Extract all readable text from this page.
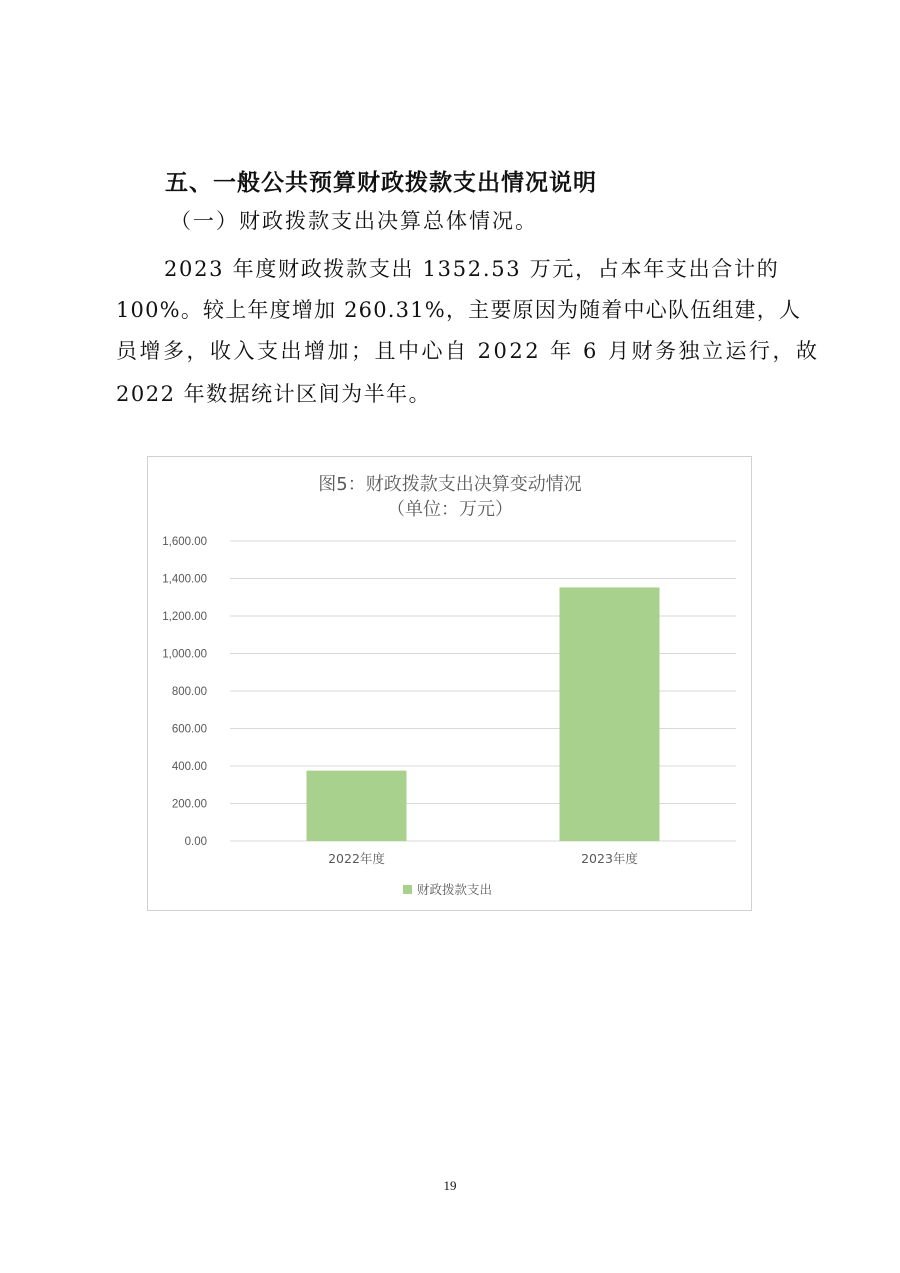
五、一般公共预算财政拨款支出情况说明
（一）财政拨款支出决算总体情况。
2023 年度财政拨款支出 1352.53 万元，占本年支出合计的
100%。较上年度增加 260.31%，主要原因为随着中心队伍组建，人
员增多，收入支出增加；且中心自 2022 年 6 月财务独立运行，故
2022 年数据统计区间为半年。
图5：财政拨款支出决算变动情况
（单位：万元）
0.00
200.00
400.00
600.00
800.00
1,000.00
1,200.00
1,400.00
1,600.00
2022年度	2023年度
财政拨款支出
19
